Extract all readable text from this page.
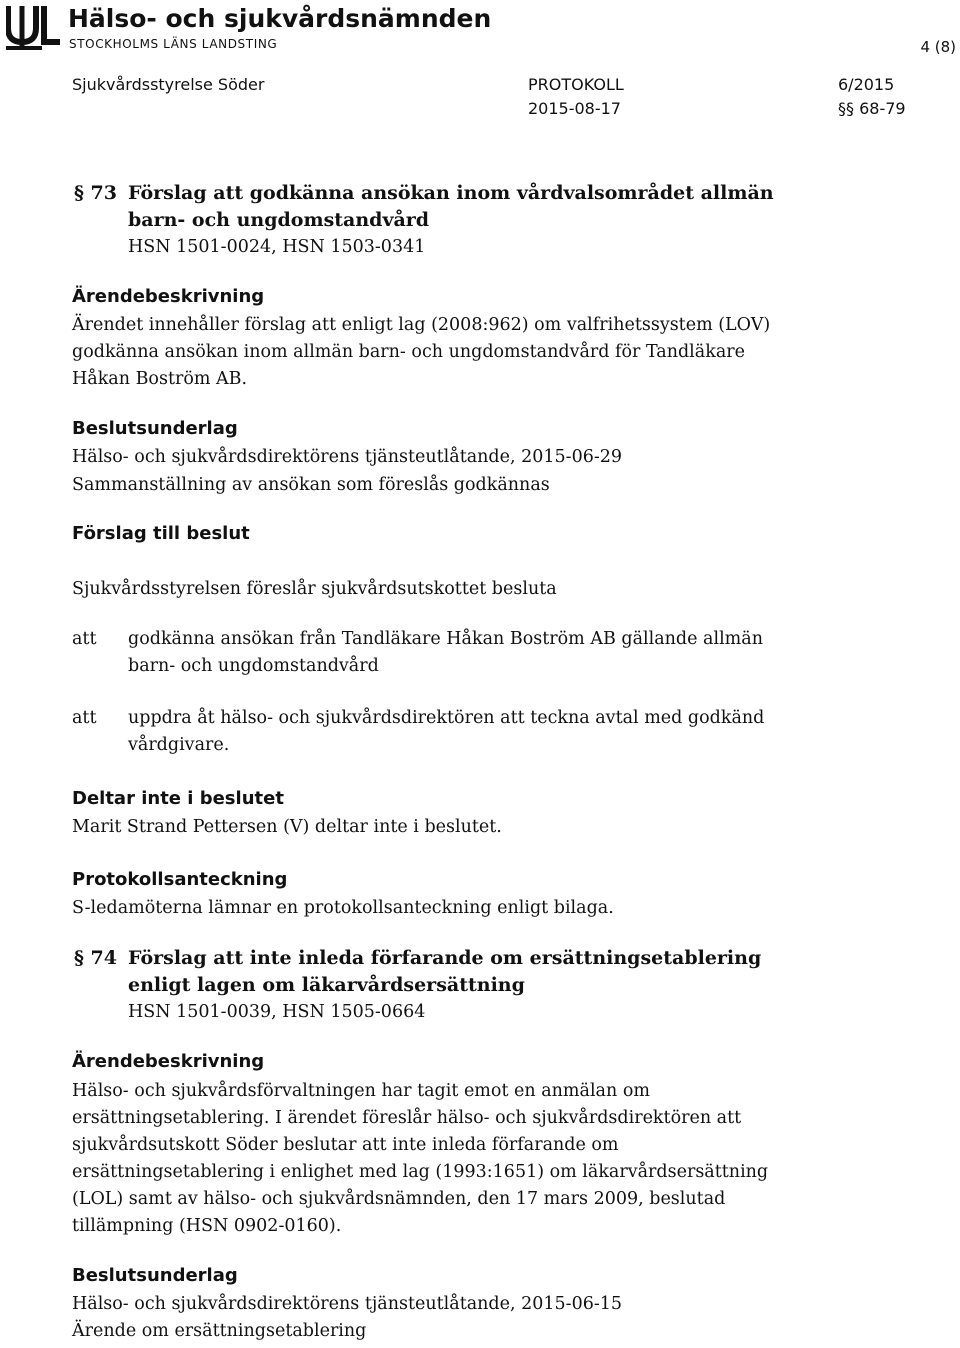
Hälso- och sjukvårdsnämnden
STOCKHOLMS LÄNS LANDSTING	4 (8)
Sjukvårdsstyrelse Söder	PROTOKOLL	6/2015
2015-08-17	§§ 68-79
§ 73 Förslag att godkänna ansökan inom vårdvalsområdet allmän
barn- och ungdomstandvård
HSN 1501-0024, HSN 1503-0341
Ärendebeskrivning
Ärendet innehåller förslag att enligt lag (2008:962) om valfrihetssystem (LOV)
godkänna ansökan inom allmän barn- och ungdomstandvård för Tandläkare
Håkan Boström AB.
Beslutsunderlag
Hälso- och sjukvårdsdirektörens tjänsteutlåtande, 2015-06-29
Sammanställning av ansökan som föreslås godkännas
Förslag till beslut
Sjukvårdsstyrelsen föreslår sjukvårdsutskottet besluta
att godkänna ansökan från Tandläkare Håkan Boström AB gällande allmän
barn- och ungdomstandvård
att uppdra åt hälso- och sjukvårdsdirektören att teckna avtal med godkänd
vårdgivare.
Deltar inte i beslutet
Marit Strand Pettersen (V) deltar inte i beslutet.
Protokollsanteckning
S-ledamöterna lämnar en protokollsanteckning enligt bilaga.
§ 74 Förslag att inte inleda förfarande om ersättningsetablering
enligt lagen om läkarvårdsersättning
HSN 1501-0039, HSN 1505-0664
Ärendebeskrivning
Hälso- och sjukvårdsförvaltningen har tagit emot en anmälan om
ersättningsetablering. I ärendet föreslår hälso- och sjukvårdsdirektören att
sjukvårdsutskott Söder beslutar att inte inleda förfarande om
ersättningsetablering i enlighet med lag (1993:1651) om läkarvårdsersättning
(LOL) samt av hälso- och sjukvårdsnämnden, den 17 mars 2009, beslutad
tillämpning (HSN 0902-0160).
Beslutsunderlag
Hälso- och sjukvårdsdirektörens tjänsteutlåtande, 2015-06-15
Ärende om ersättningsetablering
